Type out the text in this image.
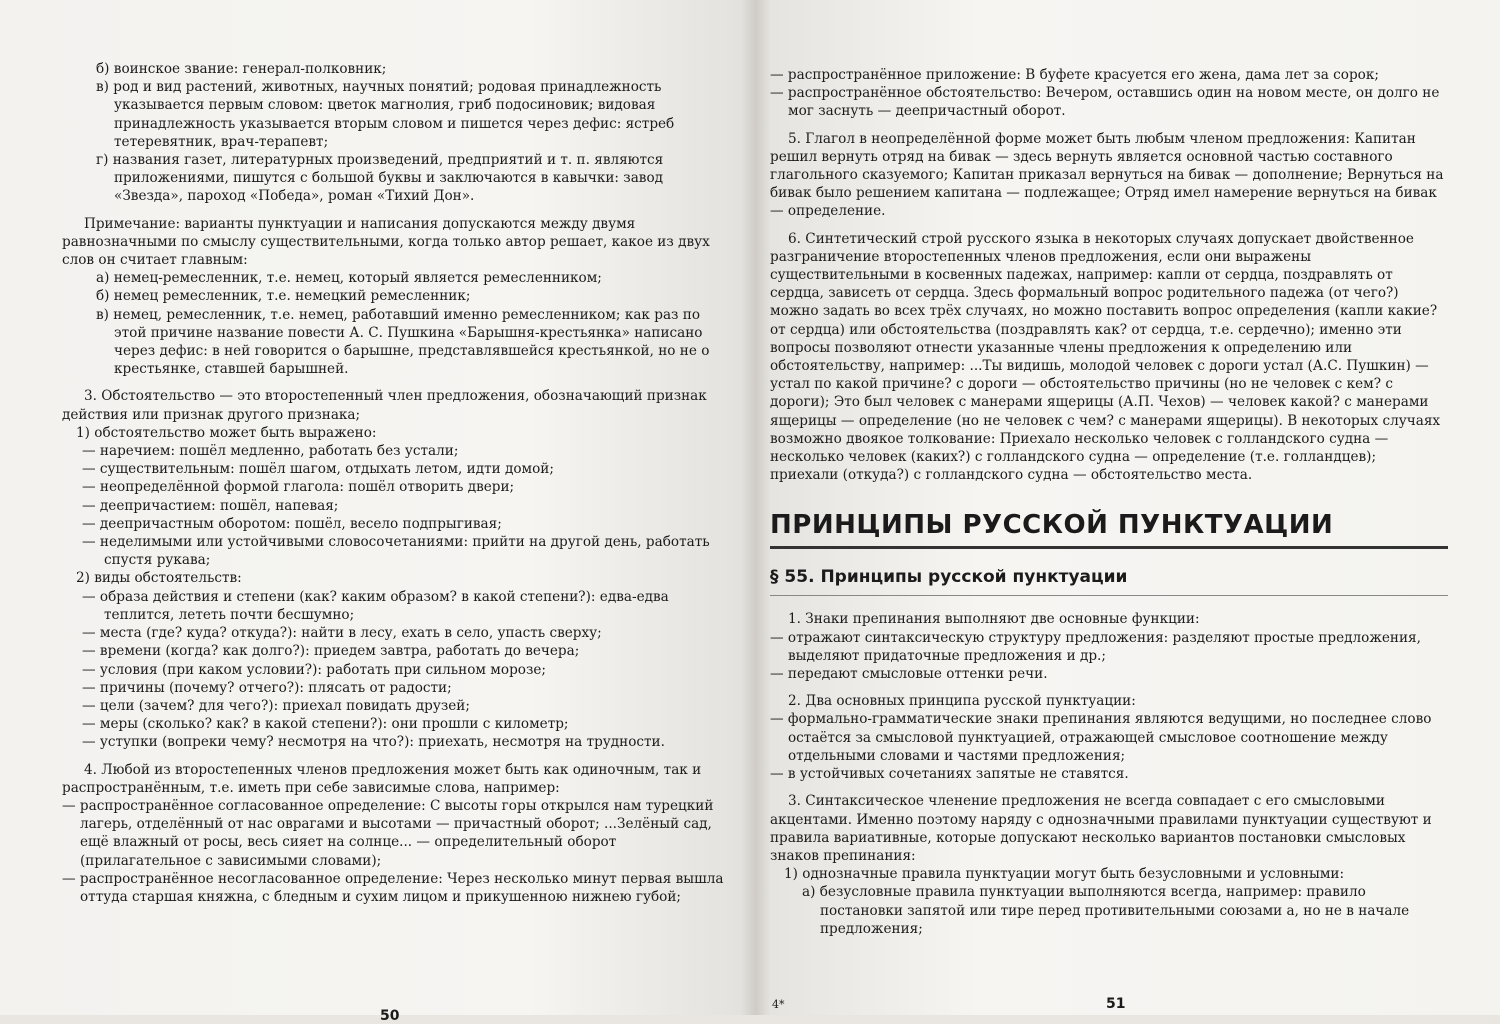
б) воинское звание: генерал-полковник;

в) род и вид растений, животных, научных понятий; родовая принадлежность указывается первым словом: цветок магнолия, гриб подосиновик; видовая принадлежность указывается вторым словом и пишется через дефис: ястреб тетеревятник, врач-терапевт;

г) названия газет, литературных произведений, предприятий и т. п. являются приложениями, пишутся с большой буквы и заключаются в кавычки: завод «Звезда», пароход «Победа», роман «Тихий Дон».

Примечание: варианты пунктуации и написания допускаются между двумя равнозначными по смыслу существительными, когда только автор решает, какое из двух слов он считает главным:

а) немец-ремесленник, т.е. немец, который является ремесленником;

б) немец ремесленник, т.е. немецкий ремесленник;

в) немец, ремесленник, т.е. немец, работавший именно ремесленником; как раз по этой причине название повести А. С. Пушкина «Барышня-крестьянка» написано через дефис: в ней говорится о барышне, представлявшейся крестьянкой, но не о крестьянке, ставшей барышней.

3. Обстоятельство — это второстепенный член предложения, обозначающий признак действия или признак другого признака;

1) обстоятельство может быть выражено:

— наречием: пошёл медленно, работать без устали;

— существительным: пошёл шагом, отдыхать летом, идти домой;

— неопределённой формой глагола: пошёл отворить двери;

— деепричастием: пошёл, напевая;

— деепричастным оборотом: пошёл, весело подпрыгивая;

— неделимыми или устойчивыми словосочетаниями: прийти на другой день, работать спустя рукава;

2) виды обстоятельств:

— образа действия и степени (как? каким образом? в какой степени?): едва-едва теплится, лететь почти бесшумно;

— места (где? куда? откуда?): найти в лесу, ехать в село, упасть сверху;

— времени (когда? как долго?): приедем завтра, работать до вечера;

— условия (при каком условии?): работать при сильном морозе;

— причины (почему? отчего?): плясать от радости;

— цели (зачем? для чего?): приехал повидать друзей;

— меры (сколько? как? в какой степени?): они прошли с километр;

— уступки (вопреки чему? несмотря на что?): приехать, несмотря на трудности.

4. Любой из второстепенных членов предложения может быть как одиночным, так и распространённым, т.е. иметь при себе зависимые слова, например:

— распространённое согласованное определение: С высоты горы открылся нам турецкий лагерь, отделённый от нас оврагами и высотами — причастный оборот; ...Зелёный сад, ещё влажный от росы, весь сияет на солнце... — определительный оборот (прилагательное с зависимыми словами);

— распространённое несогласованное определение: Через несколько минут первая вышла оттуда старшая княжна, с бледным и сухим лицом и прикушенною нижнею губой;

50

— распространённое приложение: В буфете красуется его жена, дама лет за сорок;

— распространённое обстоятельство: Вечером, оставшись один на новом месте, он долго не мог заснуть — деепричастный оборот.

5. Глагол в неопределённой форме может быть любым членом предложения: Капитан решил вернуть отряд на бивак — здесь вернуть является основной частью составного глагольного сказуемого; Капитан приказал вернуться на бивак — дополнение; Вернуться на бивак было решением капитана — подлежащее; Отряд имел намерение вернуться на бивак — определение.

6. Синтетический строй русского языка в некоторых случаях допускает двойственное разграничение второстепенных членов предложения, если они выражены существительными в косвенных падежах, например: капли от сердца, поздравлять от сердца, зависеть от сердца. Здесь формальный вопрос родительного падежа (от чего?) можно задать во всех трёх случаях, но можно поставить вопрос определения (капли какие? от сердца) или обстоятельства (поздравлять как? от сердца, т.е. сердечно); именно эти вопросы позволяют отнести указанные члены предложения к определению или обстоятельству, например: ...Ты видишь, молодой человек с дороги устал (А.С. Пушкин) — устал по какой причине? с дороги — обстоятельство причины (но не человек с кем? с дороги); Это был человек с манерами ящерицы (А.П. Чехов) — человек какой? с манерами ящерицы — определение (но не человек с чем? с манерами ящерицы). В некоторых случаях возможно двоякое толкование: Приехало несколько человек с голландского судна — несколько человек (каких?) с голландского судна — определение (т.е. голландцев); приехали (откуда?) с голландского судна — обстоятельство места.

ПРИНЦИПЫ РУССКОЙ ПУНКТУАЦИИ
§ 55. Принципы русской пунктуации

1. Знаки препинания выполняют две основные функции:

— отражают синтаксическую структуру предложения: разделяют простые предложения, выделяют придаточные предложения и др.;

— передают смысловые оттенки речи.

2. Два основных принципа русской пунктуации:

— формально-грамматические знаки препинания являются ведущими, но последнее слово остаётся за смысловой пунктуацией, отражающей смысловое соотношение между отдельными словами и частями предложения;

— в устойчивых сочетаниях запятые не ставятся.

3. Синтаксическое членение предложения не всегда совпадает с его смысловыми акцентами. Именно поэтому наряду с однозначными правилами пунктуации существуют и правила вариативные, которые допускают несколько вариантов постановки смысловых знаков препинания:

1) однозначные правила пунктуации могут быть безусловными и условными:

а) безусловные правила пунктуации выполняются всегда, например: правило постановки запятой или тире перед противительными союзами а, но не в начале предложения;

4*	51
